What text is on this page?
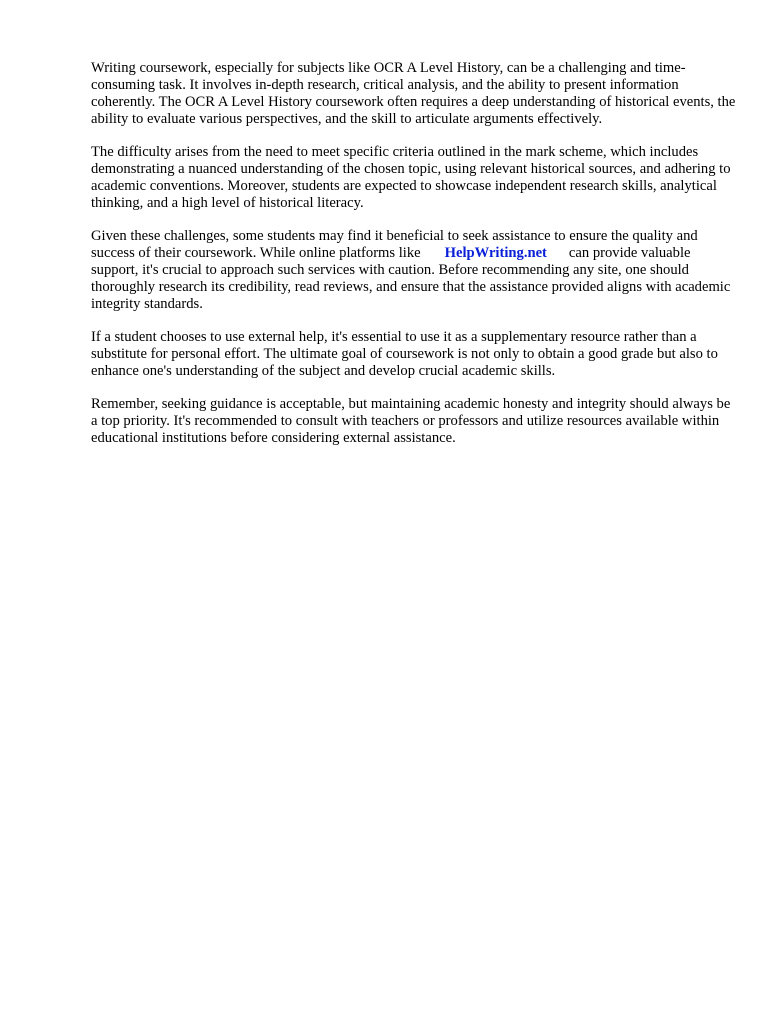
Writing coursework, especially for subjects like OCR A Level History, can be a challenging and time-consuming task. It involves in-depth research, critical analysis, and the ability to present information coherently. The OCR A Level History coursework often requires a deep understanding of historical events, the ability to evaluate various perspectives, and the skill to articulate arguments effectively.

The difficulty arises from the need to meet specific criteria outlined in the mark scheme, which includes demonstrating a nuanced understanding of the chosen topic, using relevant historical sources, and adhering to academic conventions. Moreover, students are expected to showcase independent research skills, analytical thinking, and a high level of historical literacy.

Given these challenges, some students may find it beneficial to seek assistance to ensure the quality and success of their coursework. While online platforms like HelpWriting.net can provide valuable support, it's crucial to approach such services with caution. Before recommending any site, one should thoroughly research its credibility, read reviews, and ensure that the assistance provided aligns with academic integrity standards.

If a student chooses to use external help, it's essential to use it as a supplementary resource rather than a substitute for personal effort. The ultimate goal of coursework is not only to obtain a good grade but also to enhance one's understanding of the subject and develop crucial academic skills.

Remember, seeking guidance is acceptable, but maintaining academic honesty and integrity should always be a top priority. It's recommended to consult with teachers or professors and utilize resources available within educational institutions before considering external assistance.
